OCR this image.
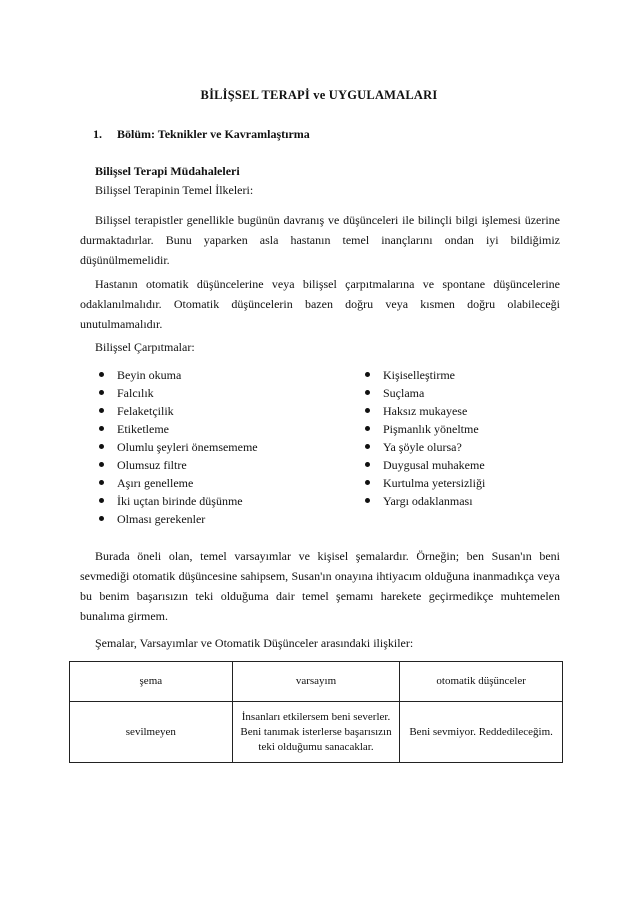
BİLİŞSEL TERAPİ ve UYGULAMALARI
1. Bölüm: Teknikler ve Kavramlaştırma
Bilişsel Terapi Müdahaleleri
Bilişsel Terapinin Temel İlkeleri:

Bilişsel terapistler genellikle bugünün davranış ve düşünceleri ile bilinçli bilgi işlemesi üzerine durmaktadırlar. Bunu yaparken asla hastanın temel inançlarını ondan iyi bildiğimiz düşünülmemelidir.

Hastanın otomatik düşüncelerine veya bilişsel çarpıtmalarına ve spontane düşüncelerine odaklanılmalıdır. Otomatik düşüncelerin bazen doğru veya kısmen doğru olabileceği unutulmamalıdır.

Bilişsel Çarpıtmalar:
Beyin okuma
Falcılık
Felaketçilik
Etiketleme
Olumlu şeyleri önemsememe
Olumsuz filtre
Aşırı genelleme
İki uçtan birinde düşünme
Olması gerekenler
Kişiselleştirme
Suçlama
Haksız mukayese
Pişmanlık yöneltme
Ya şöyle olursa?
Duygusal muhakeme
Kurtulma yetersizliği
Yargı odaklanması

Burada öneli olan, temel varsayımlar ve kişisel şemalardır. Örneğin; ben Susan'ın beni sevmediği otomatik düşüncesine sahipsem, Susan'ın onayına ihtiyacım olduğuna inanmadıkça veya bu benim başarısızın teki olduğuma dair temel şemamı harekete geçirmedikçe muhtemelen bunalıma girmem.

Şemalar, Varsayımlar ve Otomatik Düşünceler arasındaki ilişkiler:
şema	varsayım	otomatik düşünceler
sevilmeyen	İnsanları etkilersem beni severler. Beni tanımak isterlerse başarısızın teki olduğumu sanacaklar.	Beni sevmiyor. Reddedileceğim.
